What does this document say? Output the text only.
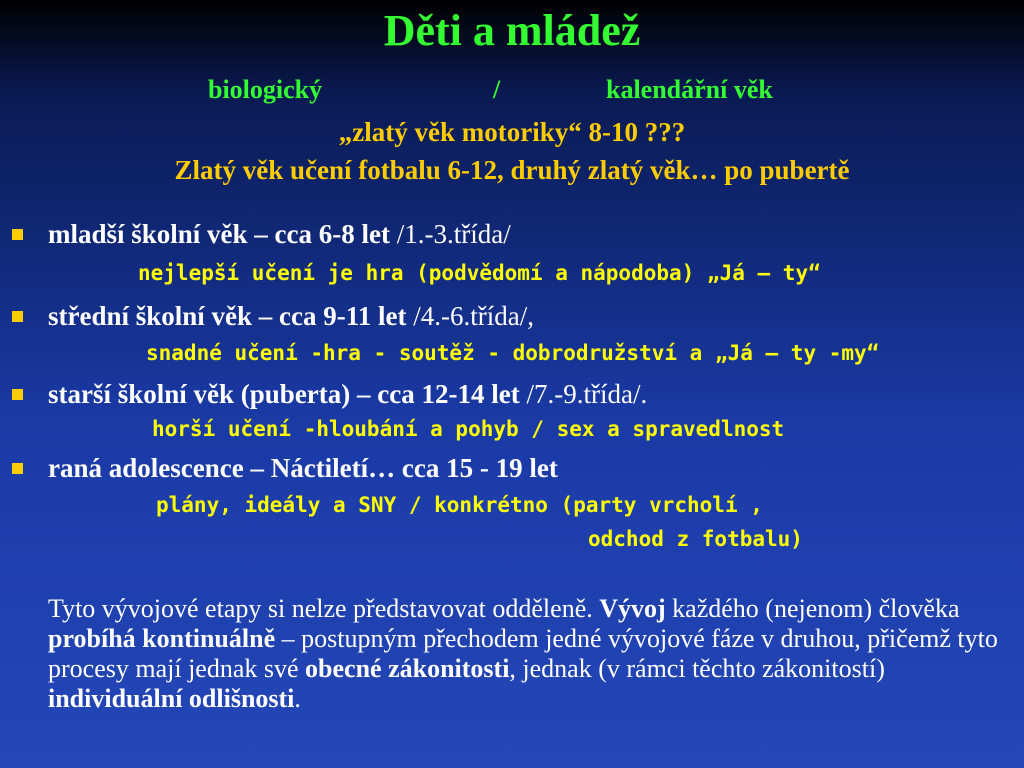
Děti a mládež
biologický	/	kalendářní věk
„zlatý věk motoriky“ 8-10 ???
Zlatý věk učení fotbalu 6-12, druhý zlatý věk… po pubertě
mladší školní věk – cca 6-8 let /1.-3.třída/
nejlepší učení je hra (podvědomí a nápodoba) „Já – ty“
střední školní věk – cca 9-11 let /4.-6.třída/,
snadné učení -hra - soutěž - dobrodružství a „Já – ty -my“
starší školní věk (puberta) – cca 12-14 let /7.-9.třída/.
horší učení -hloubání a pohyb / sex a spravedlnost
raná adolescence – Náctiletí… cca 15 - 19 let
plány, ideály a SNY / konkrétno (party vrcholí ,
odchod z fotbalu)
Tyto vývojové etapy si nelze představovat odděleně. Vývoj každého (nejenom) člověka probíhá kontinuálně – postupným přechodem jedné vývojové fáze v druhou, přičemž tyto procesy mají jednak své obecné zákonitosti, jednak (v rámci těchto zákonitostí) individuální odlišnosti.
